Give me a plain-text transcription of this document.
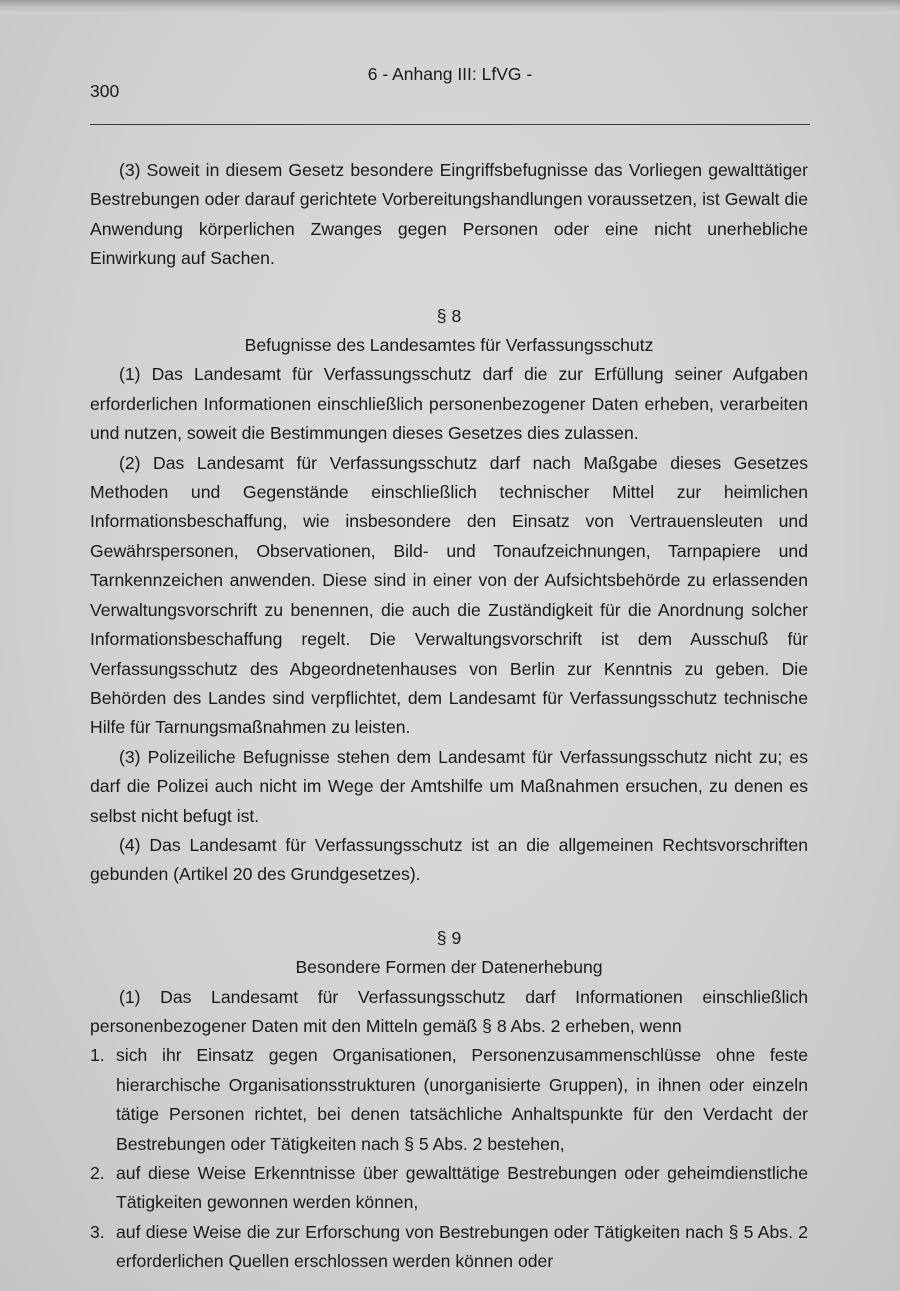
6 - Anhang III: LfVG -
300

(3) Soweit in diesem Gesetz besondere Eingriffsbefugnisse das Vorliegen gewalttätiger Bestrebungen oder darauf gerichtete Vorbereitungshandlungen voraussetzen, ist Gewalt die Anwendung körperlichen Zwanges gegen Personen oder eine nicht unerhebliche Einwirkung auf Sachen.

§ 8

Befugnisse des Landesamtes für Verfassungsschutz

(1) Das Landesamt für Verfassungsschutz darf die zur Erfüllung seiner Aufgaben erforderlichen Informationen einschließlich personenbezogener Daten erheben, verarbeiten und nutzen, soweit die Bestimmungen dieses Gesetzes dies zulassen.

(2) Das Landesamt für Verfassungsschutz darf nach Maßgabe dieses Gesetzes Methoden und Gegenstände einschließlich technischer Mittel zur heimlichen Informationsbeschaffung, wie insbesondere den Einsatz von Vertrauensleuten und Gewährspersonen, Observationen, Bild- und Tonaufzeichnungen, Tarnpapiere und Tarnkennzeichen anwenden. Diese sind in einer von der Aufsichtsbehörde zu erlassenden Verwaltungsvorschrift zu benennen, die auch die Zuständigkeit für die Anordnung solcher Informationsbeschaffung regelt. Die Verwaltungsvorschrift ist dem Ausschuß für Verfassungsschutz des Abgeordnetenhauses von Berlin zur Kenntnis zu geben. Die Behörden des Landes sind verpflichtet, dem Landesamt für Verfassungsschutz technische Hilfe für Tarnungsmaßnahmen zu leisten.

(3) Polizeiliche Befugnisse stehen dem Landesamt für Verfassungsschutz nicht zu; es darf die Polizei auch nicht im Wege der Amtshilfe um Maßnahmen ersuchen, zu denen es selbst nicht befugt ist.

(4) Das Landesamt für Verfassungsschutz ist an die allgemeinen Rechtsvorschriften gebunden (Artikel 20 des Grundgesetzes).

§ 9

Besondere Formen der Datenerhebung

(1) Das Landesamt für Verfassungsschutz darf Informationen einschließlich personenbezogener Daten mit den Mitteln gemäß § 8 Abs. 2 erheben, wenn

1. sich ihr Einsatz gegen Organisationen, Personenzusammenschlüsse ohne feste hierarchische Organisationsstrukturen (unorganisierte Gruppen), in ihnen oder einzeln tätige Personen richtet, bei denen tatsächliche Anhaltspunkte für den Verdacht der Bestrebungen oder Tätigkeiten nach § 5 Abs. 2 bestehen,
2. auf diese Weise Erkenntnisse über gewalttätige Bestrebungen oder geheimdienstliche Tätigkeiten gewonnen werden können,
3. auf diese Weise die zur Erforschung von Bestrebungen oder Tätigkeiten nach § 5 Abs. 2 erforderlichen Quellen erschlossen werden können oder
